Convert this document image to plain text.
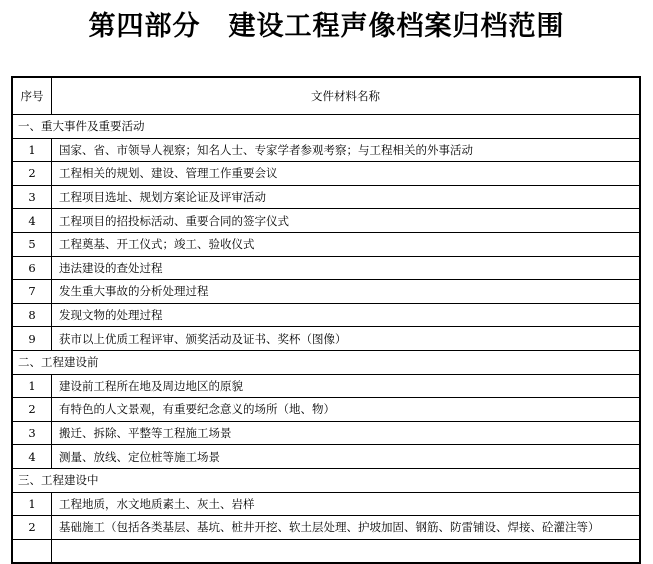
第四部分　建设工程声像档案归档范围
序号	文件材料名称
一、重大事件及重要活动	
1	国家、省、市领导人视察；知名人士、专家学者参观考察；与工程相关的外事活动
2	工程相关的规划、建设、管理工作重要会议
3	工程项目选址、规划方案论证及评审活动
4	工程项目的招投标活动、重要合同的签字仪式
5	工程奠基、开工仪式；竣工、验收仪式
6	违法建设的查处过程
7	发生重大事故的分析处理过程
8	发现文物的处理过程
9	获市以上优质工程评审、颁奖活动及证书、奖杯（图像）
二、工程建设前	
1	建设前工程所在地及周边地区的原貌
2	有特色的人文景观，有重要纪念意义的场所（地、物）
3	搬迁、拆除、平整等工程施工场景
4	测量、放线、定位桩等施工场景
三、工程建设中	
1	工程地质，水文地质素土、灰土、岩样
2	基础施工（包括各类基层、基坑、桩井开挖、软土层处理、护坡加固、钢筋、防雷铺设、焊接、砼灌注等）
